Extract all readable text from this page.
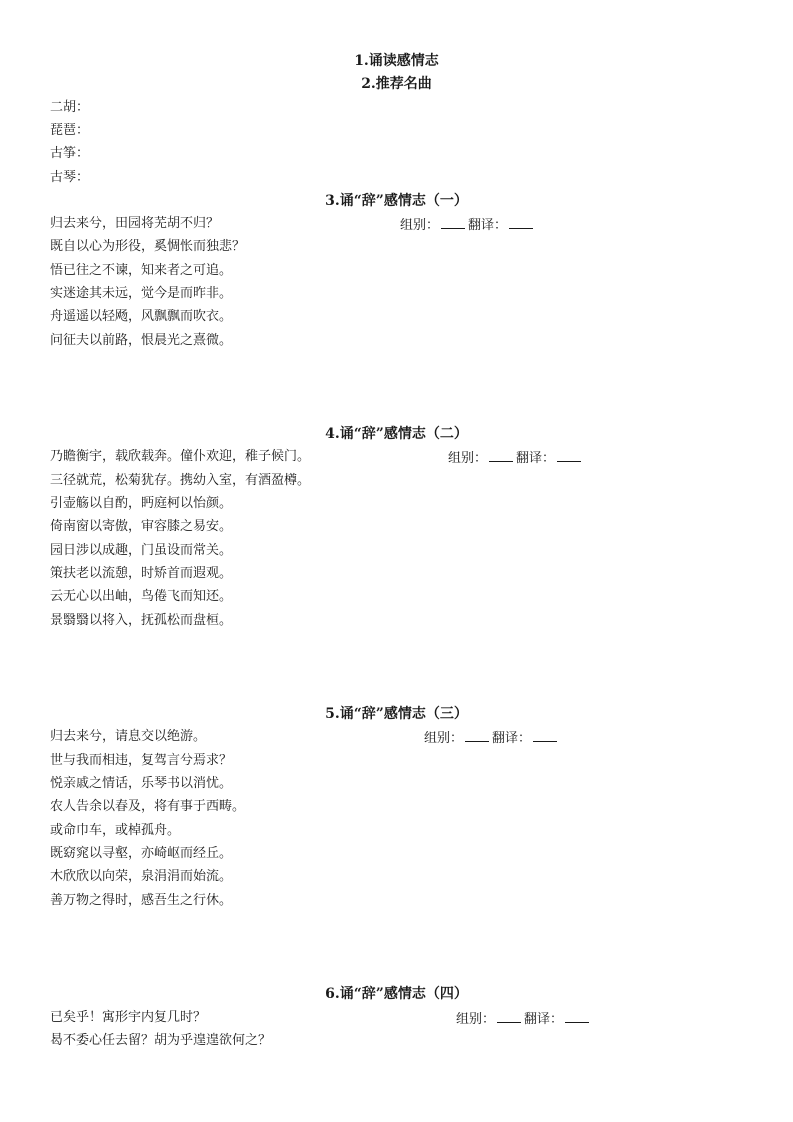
1.诵读感情志
2.推荐名曲
二胡：
琵琶：
古筝：
古琴：
3.诵“辞”感情志（一）
组别： 翻译：
归去来兮，田园将芜胡不归？
既自以心为形役，奚惆怅而独悲？
悟已往之不谏，知来者之可追。
实迷途其未远，觉今是而昨非。
舟遥遥以轻飏，风飘飘而吹衣。
问征夫以前路，恨晨光之熹微。
4.诵“辞”感情志（二）
组别： 翻译：
乃瞻衡宇，载欣载奔。僮仆欢迎，稚子候门。
三径就荒，松菊犹存。携幼入室，有酒盈樽。
引壶觞以自酌，眄庭柯以怡颜。
倚南窗以寄傲，审容膝之易安。
园日涉以成趣，门虽设而常关。
策扶老以流憩，时矫首而遐观。
云无心以出岫，鸟倦飞而知还。
景翳翳以将入，抚孤松而盘桓。
5.诵“辞”感情志（三）
组别： 翻译：
归去来兮，请息交以绝游。
世与我而相违，复驾言兮焉求？
悦亲戚之情话，乐琴书以消忧。
农人告余以春及，将有事于西畴。
或命巾车，或棹孤舟。
既窈窕以寻壑，亦崎岖而经丘。
木欣欣以向荣，泉涓涓而始流。
善万物之得时，感吾生之行休。
6.诵“辞”感情志（四）
组别： 翻译：
已矣乎！寓形宇内复几时？
曷不委心任去留？胡为乎遑遑欲何之？
